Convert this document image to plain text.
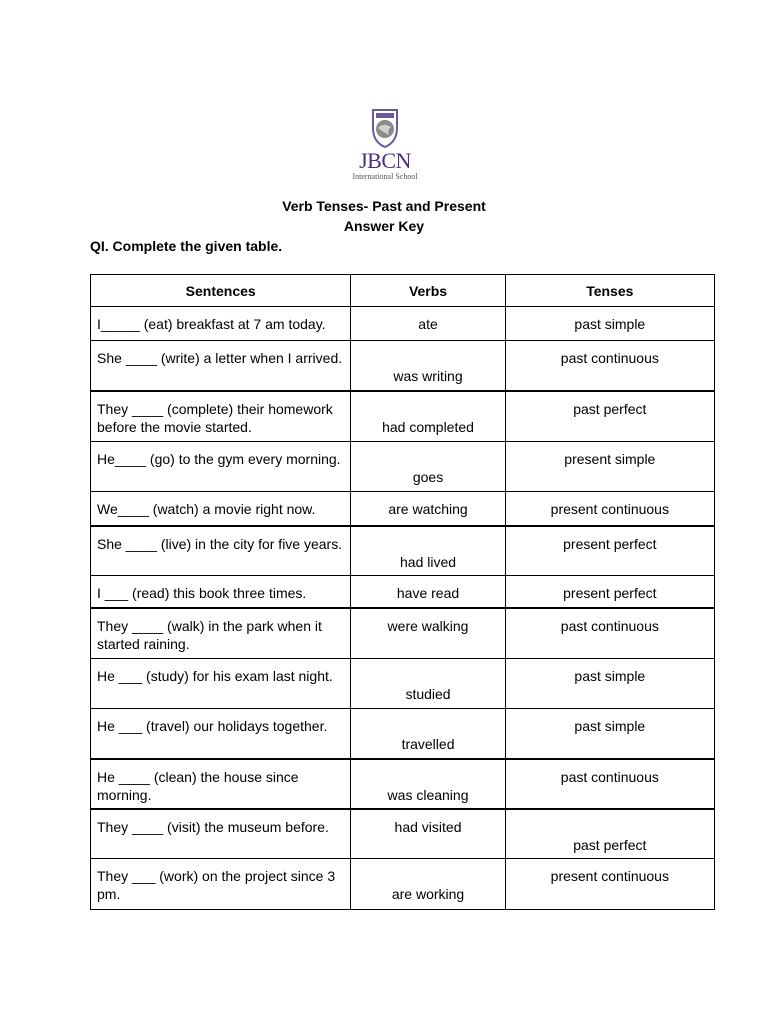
JBCN
International School
Verb Tenses- Past and Present
Answer Key
QI. Complete the given table.
Sentences	Verbs	Tenses

I_____ (eat) breakfast at 7 am today.	ate	past simple

She ____ (write) a letter when I arrived.	was writing	past continuous

They ____ (complete) their homework before the movie started.	had completed	past perfect

He____ (go) to the gym every morning.	goes	present simple

We____ (watch) a movie right now.	are watching	present continuous

She ____ (live) in the city for five years.	had lived	present perfect

I ___ (read) this book three times.	have read	present perfect

They ____ (walk) in the park when it started raining.	were walking	past continuous

He ___ (study) for his exam last night.	studied	past simple

He ___ (travel) our holidays together.	travelled	past simple

He ____ (clean) the house since morning.	was cleaning	past continuous

They ____ (visit) the museum before.	had visited	past perfect

They ___ (work) on the project since 3 pm.	are working	present continuous
